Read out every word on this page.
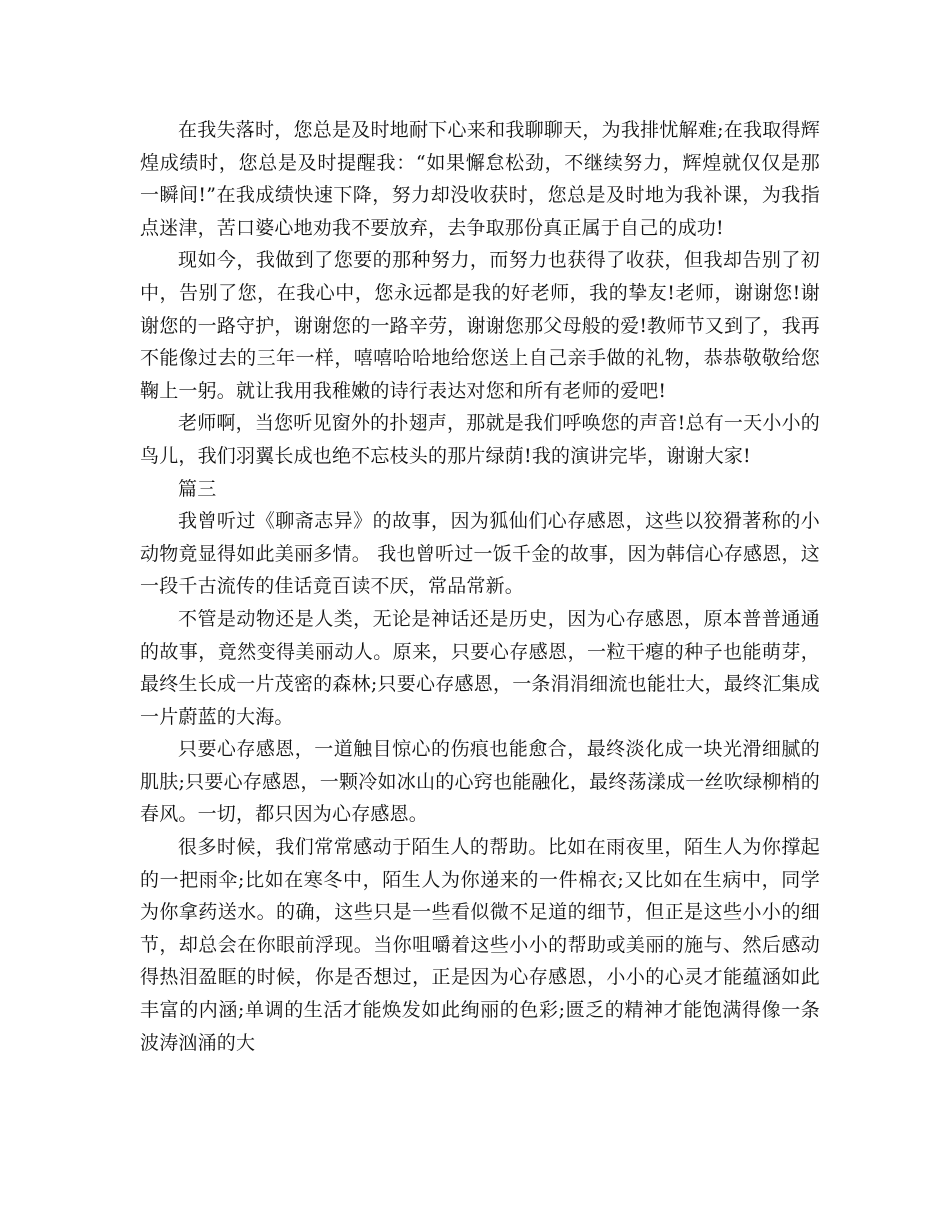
在我失落时，您总是及时地耐下心来和我聊聊天，为我排忧解难;在我取得辉煌成绩时，您总是及时提醒我：“如果懈怠松劲，不继续努力，辉煌就仅仅是那一瞬间!”在我成绩快速下降，努力却没收获时，您总是及时地为我补课，为我指点迷津，苦口婆心地劝我不要放弃，去争取那份真正属于自己的成功!

现如今，我做到了您要的那种努力，而努力也获得了收获，但我却告别了初中，告别了您，在我心中，您永远都是我的好老师，我的挚友!老师，谢谢您!谢谢您的一路守护，谢谢您的一路辛劳，谢谢您那父母般的爱!教师节又到了，我再不能像过去的三年一样，嘻嘻哈哈地给您送上自己亲手做的礼物，恭恭敬敬给您鞠上一躬。就让我用我稚嫩的诗行表达对您和所有老师的爱吧!

老师啊，当您听见窗外的扑翅声，那就是我们呼唤您的声音!总有一天小小的鸟儿，我们羽翼长成也绝不忘枝头的那片绿荫!我的演讲完毕，谢谢大家!

篇三

我曾听过《聊斋志异》的故事，因为狐仙们心存感恩，这些以狡猾著称的小动物竟显得如此美丽多情。 我也曾听过一饭千金的故事，因为韩信心存感恩，这一段千古流传的佳话竟百读不厌，常品常新。

不管是动物还是人类，无论是神话还是历史，因为心存感恩，原本普普通通的故事，竟然变得美丽动人。原来，只要心存感恩，一粒干瘪的种子也能萌芽，最终生长成一片茂密的森林;只要心存感恩，一条涓涓细流也能壮大，最终汇集成一片蔚蓝的大海。

只要心存感恩，一道触目惊心的伤痕也能愈合，最终淡化成一块光滑细腻的肌肤;只要心存感恩，一颗冷如冰山的心窍也能融化，最终荡漾成一丝吹绿柳梢的春风。一切，都只因为心存感恩。

很多时候，我们常常感动于陌生人的帮助。比如在雨夜里，陌生人为你撑起的一把雨伞;比如在寒冬中，陌生人为你递来的一件棉衣;又比如在生病中，同学为你拿药送水。的确，这些只是一些看似微不足道的细节，但正是这些小小的细节，却总会在你眼前浮现。当你咀嚼着这些小小的帮助或美丽的施与、然后感动得热泪盈眶的时候，你是否想过，正是因为心存感恩，小小的心灵才能蕴涵如此丰富的内涵;单调的生活才能焕发如此绚丽的色彩;匮乏的精神才能饱满得像一条波涛汹涌的大
